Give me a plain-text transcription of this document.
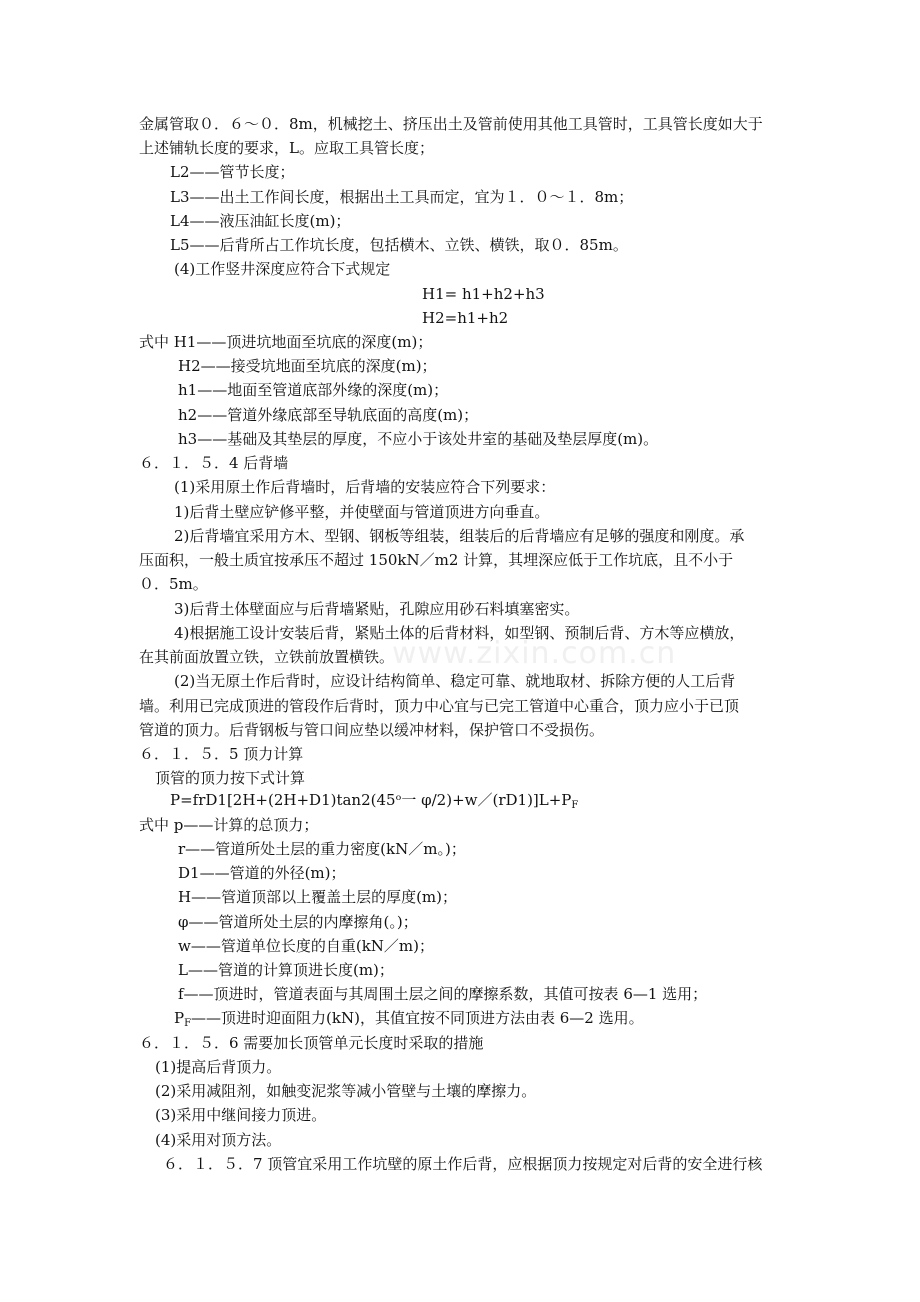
www.zixin.com.cn
金属管取０．６～０．8m，机械挖土、挤压出土及管前使用其他工具管时，工具管长度如大于
上述铺轨长度的要求，L。应取工具管长度；
L2——管节长度；
L3——出土工作间长度，根据出土工具而定，宜为１．０～１．8m；
L4——液压油缸长度(m)；
L5——后背所占工作坑长度，包括横木、立铁、横铁，取０．85m。
(4)工作竖井深度应符合下式规定
H1= h1+h2+h3
H2=h1+h2
式中 H1——顶进坑地面至坑底的深度(m)；
H2——接受坑地面至坑底的深度(m)；
h1——地面至管道底部外缘的深度(m)；
h2——管道外缘底部至导轨底面的高度(m)；
h3——基础及其垫层的厚度，不应小于该处井室的基础及垫层厚度(m)。
６．１．５．4 后背墙
(1)采用原土作后背墙时，后背墙的安装应符合下列要求：
1)后背土壁应铲修平整，并使壁面与管道顶进方向垂直。
2)后背墙宜采用方木、型钢、钢板等组装，组装后的后背墙应有足够的强度和刚度。承
压面积，一般土质宜按承压不超过 150kN／m2 计算，其埋深应低于工作坑底，且不小于
０．5m。
3)后背土体壁面应与后背墙紧贴，孔隙应用砂石料填塞密实。
4)根据施工设计安装后背，紧贴土体的后背材料，如型钢、预制后背、方木等应横放，
在其前面放置立铁，立铁前放置横铁。
(2)当无原土作后背时，应设计结构简单、稳定可靠、就地取材、拆除方便的人工后背
墙。利用已完成顶进的管段作后背时，顶力中心宜与已完工管道中心重合，顶力应小于已顶
管道的顶力。后背钢板与管口间应垫以缓冲材料，保护管口不受损伤。
６．１．５．5 顶力计算
顶管的顶力按下式计算
P=frD1[2H+(2H+D1)tan2(45ᵒ一 $\varphi/2)+w/(rD1)]L+P_F$
式中 p——计算的总顶力；
r——管道所处土层的重力密度(kN／m。)；
D1——管道的外径(m)；
H——管道顶部以上覆盖土层的厚度(m)；
φ——管道所处土层的内摩擦角(。)；
w——管道单位长度的自重(kN／m)；
L——管道的计算顶进长度(m)；
f——顶进时，管道表面与其周围土层之间的摩擦系数，其值可按表 6—1 选用；
$P_F——$顶进时迎面阻力(kN)，其值宜按不同顶进方法由表 6—2 选用。
６．１．５．6 需要加长顶管单元长度时采取的措施
(1)提高后背顶力。
(2)采用减阻剂，如触变泥浆等减小管壁与土壤的摩擦力。
(3)采用中继间接力顶进。
(4)采用对顶方法。
６．１．５．7 顶管宜采用工作坑壁的原土作后背，应根据顶力按规定对后背的安全进行核
